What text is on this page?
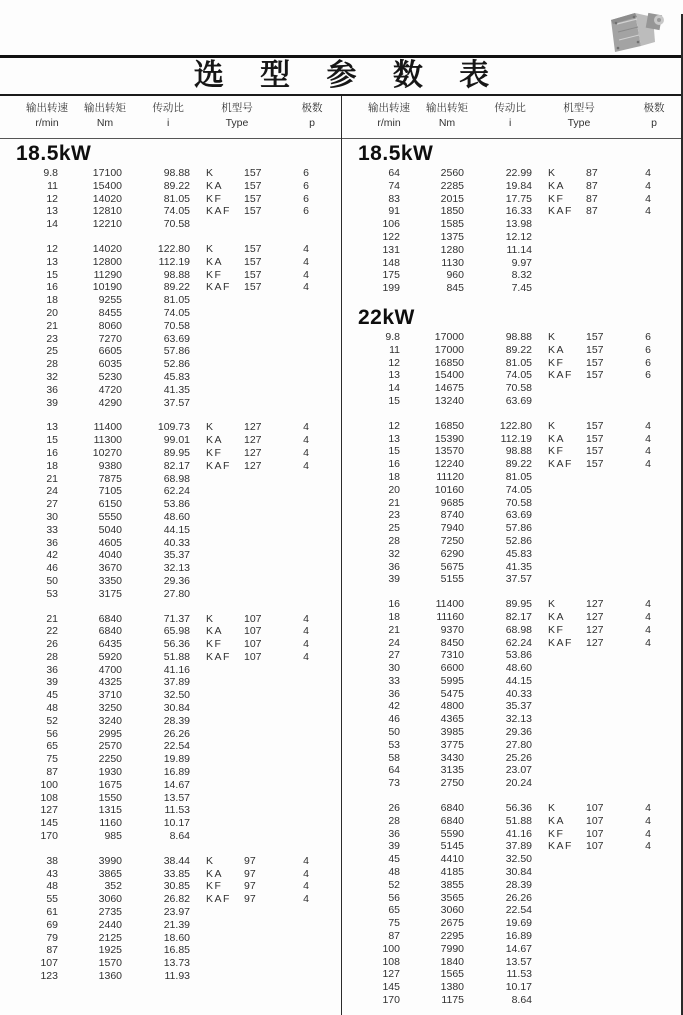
选 型 参 数 表
输出转速
r/min
输出转矩
Nm
传动比
i
机型号
Type
极数
p
18.5kW
9.8	17100	98.88	K	157	6
11	15400	89.22	KA	157	6
12	14020	81.05	KF	157	6
13	12810	74.05	KAF	157	6
14	12210	70.58
12	14020	122.80	K	157	4
13	12800	112.19	KA	157	4
15	11290	98.88	KF	157	4
16	10190	89.22	KAF	157	4
18	9255	81.05
20	8455	74.05
21	8060	70.58
23	7270	63.69
25	6605	57.86
28	6035	52.86
32	5230	45.83
36	4720	41.35
39	4290	37.57
13	11400	109.73	K	127	4
15	11300	99.01	KA	127	4
16	10270	89.95	KF	127	4
18	9380	82.17	KAF	127	4
21	7875	68.98
24	7105	62.24
27	6150	53.86
30	5550	48.60
33	5040	44.15
36	4605	40.33
42	4040	35.37
46	3670	32.13
50	3350	29.36
53	3175	27.80
21	6840	71.37	K	107	4
22	6840	65.98	KA	107	4
26	6435	56.36	KF	107	4
28	5920	51.88	KAF	107	4
36	4700	41.16
39	4325	37.89
45	3710	32.50
48	3250	30.84
52	3240	28.39
56	2995	26.26
65	2570	22.54
75	2250	19.89
87	1930	16.89
100	1675	14.67
108	1550	13.57
127	1315	11.53
145	1160	10.17
170	985	8.64
38	3990	38.44	K	97	4
43	3865	33.85	KA	97	4
48	352	30.85	KF	97	4
55	3060	26.82	KAF	97	4
61	2735	23.97
69	2440	21.39
79	2125	18.60
87	1925	16.85
107	1570	13.73
123	1360	11.93
输出转速
r/min
输出转矩
Nm
传动比
i
机型号
Type
极数
p
18.5kW
64	2560	22.99	K	87	4
74	2285	19.84	KA	87	4
83	2015	17.75	KF	87	4
91	1850	16.33	KAF	87	4
106	1585	13.98
122	1375	12.12
131	1280	11.14
148	1130	9.97
175	960	8.32
199	845	7.45
22kW
9.8	17000	98.88	K	157	6
11	17000	89.22	KA	157	6
12	16850	81.05	KF	157	6
13	15400	74.05	KAF	157	6
14	14675	70.58
15	13240	63.69
12	16850	122.80	K	157	4
13	15390	112.19	KA	157	4
15	13570	98.88	KF	157	4
16	12240	89.22	KAF	157	4
18	11120	81.05
20	10160	74.05
21	9685	70.58
23	8740	63.69
25	7940	57.86
28	7250	52.86
32	6290	45.83
36	5675	41.35
39	5155	37.57
16	11400	89.95	K	127	4
18	11160	82.17	KA	127	4
21	9370	68.98	KF	127	4
24	8450	62.24	KAF	127	4
27	7310	53.86
30	6600	48.60
33	5995	44.15
36	5475	40.33
42	4800	35.37
46	4365	32.13
50	3985	29.36
53	3775	27.80
58	3430	25.26
64	3135	23.07
73	2750	20.24
26	6840	56.36	K	107	4
28	6840	51.88	KA	107	4
36	5590	41.16	KF	107	4
39	5145	37.89	KAF	107	4
45	4410	32.50
48	4185	30.84
52	3855	28.39
56	3565	26.26
65	3060	22.54
75	2675	19.69
87	2295	16.89
100	7990	14.67
108	1840	13.57
127	1565	11.53
145	1380	10.17
170	1175	8.64
